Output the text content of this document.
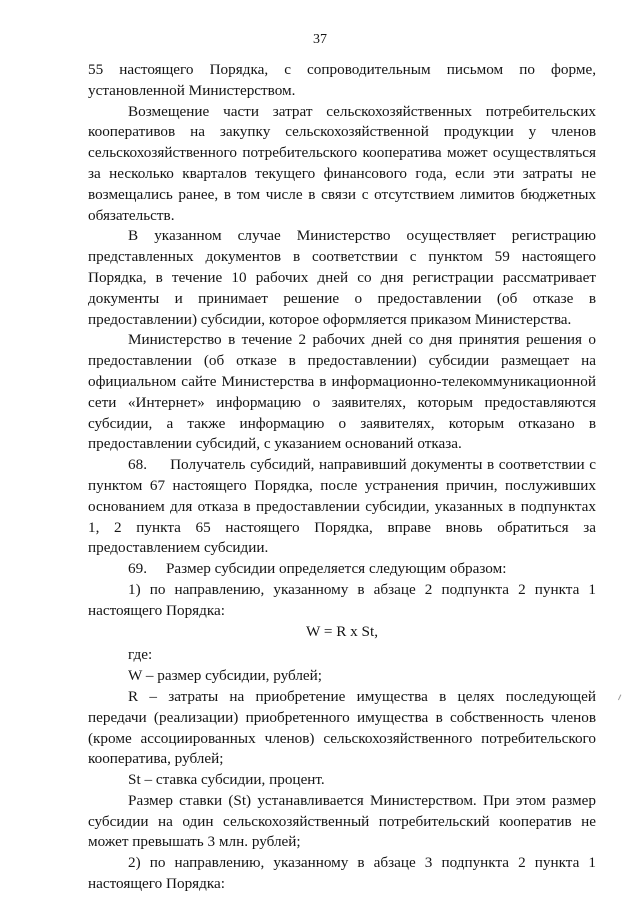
37

55 настоящего Порядка, с сопроводительным письмом по форме, установленной Министерством.

Возмещение части затрат сельскохозяйственных потребительских кооперативов на закупку сельскохозяйственной продукции у членов сельскохозяйственного потребительского кооператива может осуществляться за несколько кварталов текущего финансового года, если эти затраты не возмещались ранее, в том числе в связи с отсутствием лимитов бюджетных обязательств.

В указанном случае Министерство осуществляет регистрацию представленных документов в соответствии с пунктом 59 настоящего Порядка, в течение 10 рабочих дней со дня регистрации рассматривает документы и принимает решение о предоставлении (об отказе в предоставлении) субсидии, которое оформляется приказом Министерства.

Министерство в течение 2 рабочих дней со дня принятия решения о предоставлении (об отказе в предоставлении) субсидии размещает на официальном сайте Министерства в информационно-телекоммуникационной сети «Интернет» информацию о заявителях, которым предоставляются субсидии, а также информацию о заявителях, которым отказано в предоставлении субсидий, с указанием оснований отказа.

68.     Получатель субсидий, направивший документы в соответствии с пунктом 67 настоящего Порядка, после устранения причин, послуживших основанием для отказа в предоставлении субсидии, указанных в подпунктах 1, 2 пункта 65 настоящего Порядка, вправе вновь обратиться за предоставлением субсидии.

69.     Размер субсидии определяется следующим образом:

1) по направлению, указанному в абзаце 2 подпункта 2 пункта 1 настоящего Порядка:

W = R x St,

где:

W – размер субсидии, рублей;

R – затраты на приобретение имущества в целях последующей передачи (реализации) приобретенного имущества в собственность членов (кроме ассоциированных членов) сельскохозяйственного потребительского кооператива, рублей;

St – ставка субсидии, процент.

Размер ставки (St) устанавливается Министерством. При этом размер субсидии на один сельскохозяйственный потребительский кооператив не может превышать 3 млн. рублей;

2) по направлению, указанному в абзаце 3 подпункта 2 пункта 1 настоящего Порядка:
